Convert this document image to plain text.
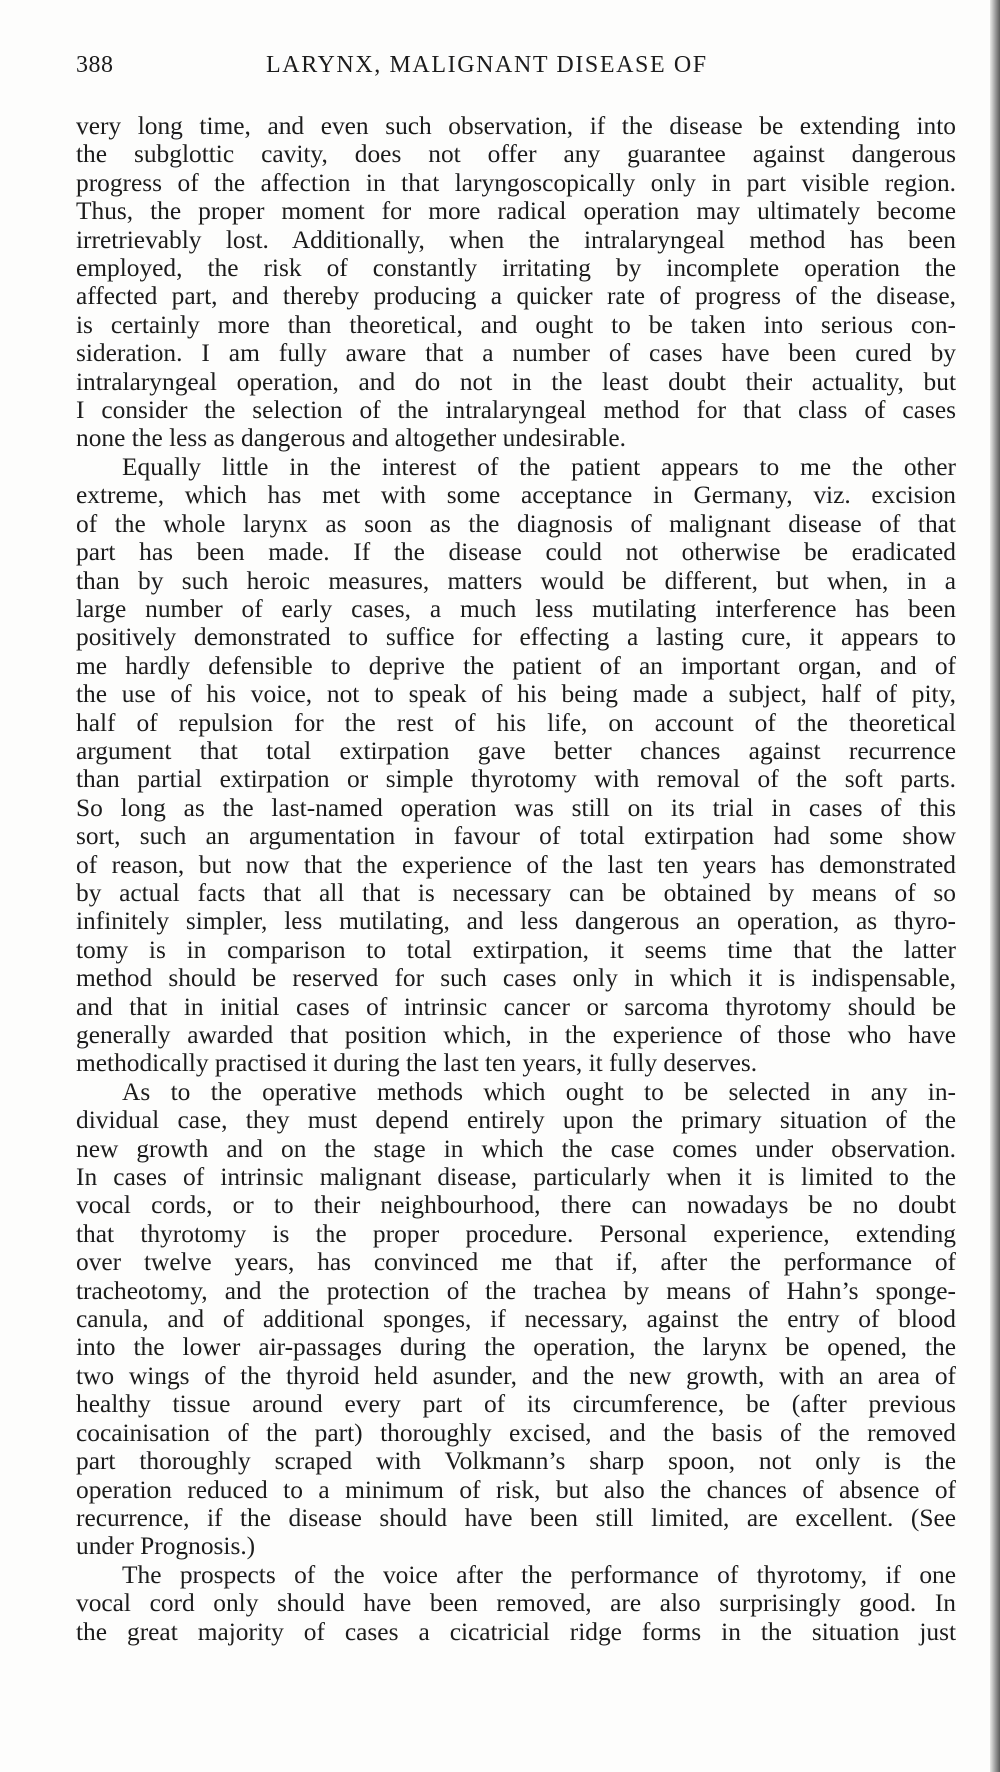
388	LARYNX, MALIGNANT DISEASE OF
very long time, and even such observation, if the disease be extending into
the subglottic cavity, does not offer any guarantee against dangerous
progress of the affection in that laryngoscopically only in part visible region.
Thus, the proper moment for more radical operation may ultimately become
irretrievably lost. Additionally, when the intralaryngeal method has been
employed, the risk of constantly irritating by incomplete operation the
affected part, and thereby producing a quicker rate of progress of the disease,
is certainly more than theoretical, and ought to be taken into serious con-
sideration. I am fully aware that a number of cases have been cured by
intralaryngeal operation, and do not in the least doubt their actuality, but
I consider the selection of the intralaryngeal method for that class of cases
none the less as dangerous and altogether undesirable.
Equally little in the interest of the patient appears to me the other
extreme, which has met with some acceptance in Germany, viz. excision
of the whole larynx as soon as the diagnosis of malignant disease of that
part has been made. If the disease could not otherwise be eradicated
than by such heroic measures, matters would be different, but when, in a
large number of early cases, a much less mutilating interference has been
positively demonstrated to suffice for effecting a lasting cure, it appears to
me hardly defensible to deprive the patient of an important organ, and of
the use of his voice, not to speak of his being made a subject, half of pity,
half of repulsion for the rest of his life, on account of the theoretical
argument that total extirpation gave better chances against recurrence
than partial extirpation or simple thyrotomy with removal of the soft parts.
So long as the last-named operation was still on its trial in cases of this
sort, such an argumentation in favour of total extirpation had some show
of reason, but now that the experience of the last ten years has demonstrated
by actual facts that all that is necessary can be obtained by means of so
infinitely simpler, less mutilating, and less dangerous an operation, as thyro-
tomy is in comparison to total extirpation, it seems time that the latter
method should be reserved for such cases only in which it is indispensable,
and that in initial cases of intrinsic cancer or sarcoma thyrotomy should be
generally awarded that position which, in the experience of those who have
methodically practised it during the last ten years, it fully deserves.
As to the operative methods which ought to be selected in any in-
dividual case, they must depend entirely upon the primary situation of the
new growth and on the stage in which the case comes under observation.
In cases of intrinsic malignant disease, particularly when it is limited to the
vocal cords, or to their neighbourhood, there can nowadays be no doubt
that thyrotomy is the proper procedure. Personal experience, extending
over twelve years, has convinced me that if, after the performance of
tracheotomy, and the protection of the trachea by means of Hahn’s sponge-
canula, and of additional sponges, if necessary, against the entry of blood
into the lower air-passages during the operation, the larynx be opened, the
two wings of the thyroid held asunder, and the new growth, with an area of
healthy tissue around every part of its circumference, be (after previous
cocainisation of the part) thoroughly excised, and the basis of the removed
part thoroughly scraped with Volkmann’s sharp spoon, not only is the
operation reduced to a minimum of risk, but also the chances of absence of
recurrence, if the disease should have been still limited, are excellent. (See
under Prognosis.)
The prospects of the voice after the performance of thyrotomy, if one
vocal cord only should have been removed, are also surprisingly good. In
the great majority of cases a cicatricial ridge forms in the situation just
